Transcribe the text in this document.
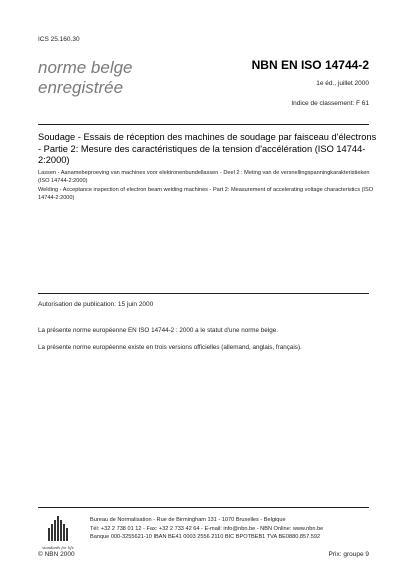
ICS 25.160.30
norme belge
enregistrée
NBN EN ISO 14744-2
1e éd., juillet 2000
Indice de classement: F 61
Soudage - Essais de réception des machines de soudage par faisceau d'électrons - Partie 2: Mesure des caractéristiques de la tension d'accélération (ISO 14744-2:2000)
Lassen - Aanamebeproeving van machines voor elektronenbundellassen - Deel 2 : Meting van de versnellingspanningkarakteristieken (ISO 14744-2:2000)
Welding - Acceptance inspection of electron beam welding machines - Part 2: Measurement of accelerating voltage characteristics (ISO 14744-2:2000)
Autorisation de publication: 15 juin 2000
La présente norme européenne EN ISO 14744-2 : 2000 a le statut d'une norme belge.
La présente norme européenne existe en trois versions officielles (allemand, anglais, français).
standards for life
Bureau de Normalisation - Rue de Birmingham 131 - 1070 Bruxelles - Belgique
Tél: +32 2 738 01 12 - Fax: +32 2 733 42 64 - E-mail: info@nbn.be - NBN Online: www.nbn.be
Banque 000-3255621-10 IBAN BE41 0003 2556 2110 BIC BPOTBEB1 TVA BE0880.857.592
© NBN 2000	Prix: groupe 9
